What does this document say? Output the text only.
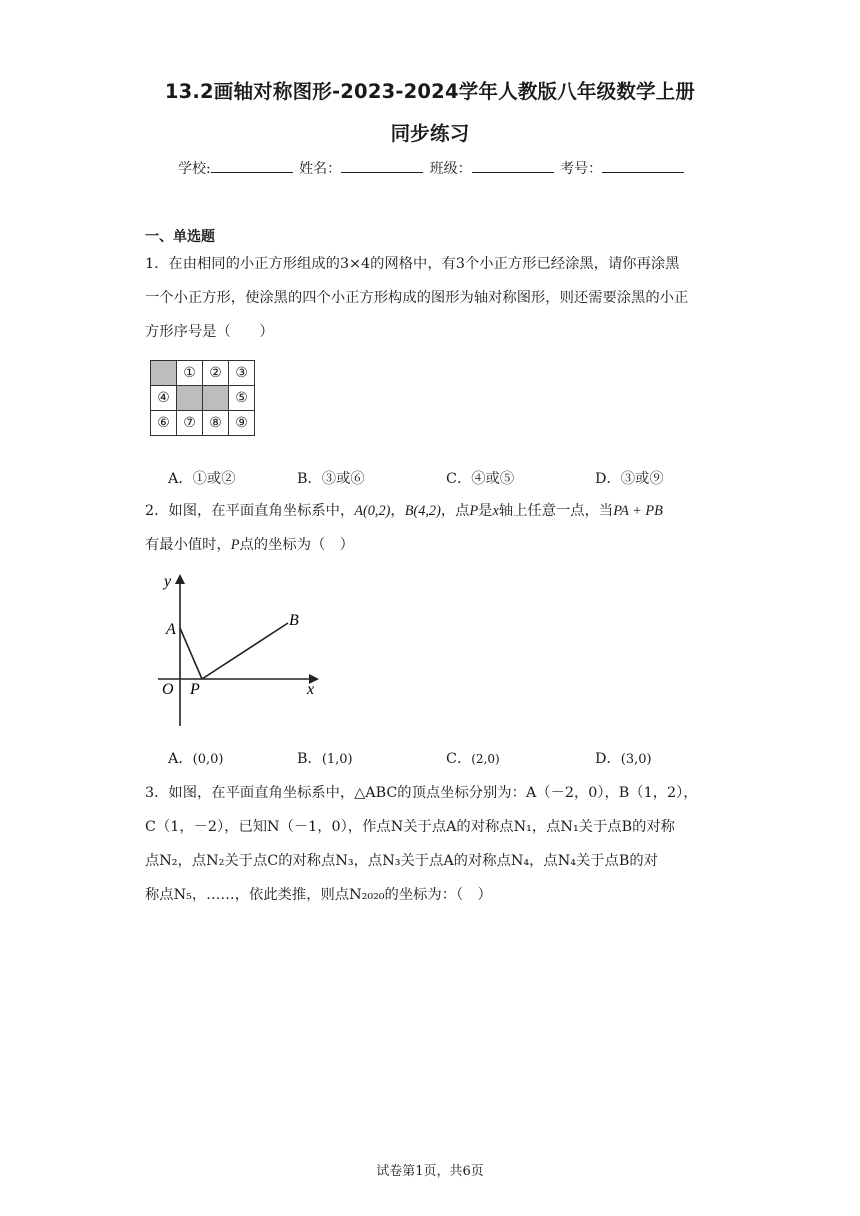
13.2画轴对称图形-2023-2024学年人教版八年级数学上册
同步练习
学校:	姓名：	班级：	考号：
一、单选题
1．在由相同的小正方形组成的3×4的网格中，有3个小正方形已经涂黑，请你再涂黑
一个小正方形，使涂黑的四个小正方形构成的图形为轴对称图形，则还需要涂黑的小正
方形序号是（　　）
	①	②	③
④			⑤
⑥	⑦	⑧	⑨
A．①或②	B．③或⑥	C．④或⑤	D．③或⑨
2．如图，在平面直角坐标系中，A(0,2)，B(4,2)，点P是x轴上任意一点，当PA + PB
有最小值时，P点的坐标为（　）
y
x
O
A
B
P
A．(0,0)	B．(1,0)	C．(2,0)	D．(3,0)
3．如图，在平面直角坐标系中，△ABC的顶点坐标分别为：A（－2，0），B（1，2），
C（1，－2），已知N（－1，0），作点N关于点A的对称点N₁，点N₁关于点B的对称
点N₂，点N₂关于点C的对称点N₃，点N₃关于点A的对称点N₄，点N₄关于点B的对
称点N₅，……，依此类推，则点N₂₀₂₀的坐标为：（　）
试卷第1页，共6页
